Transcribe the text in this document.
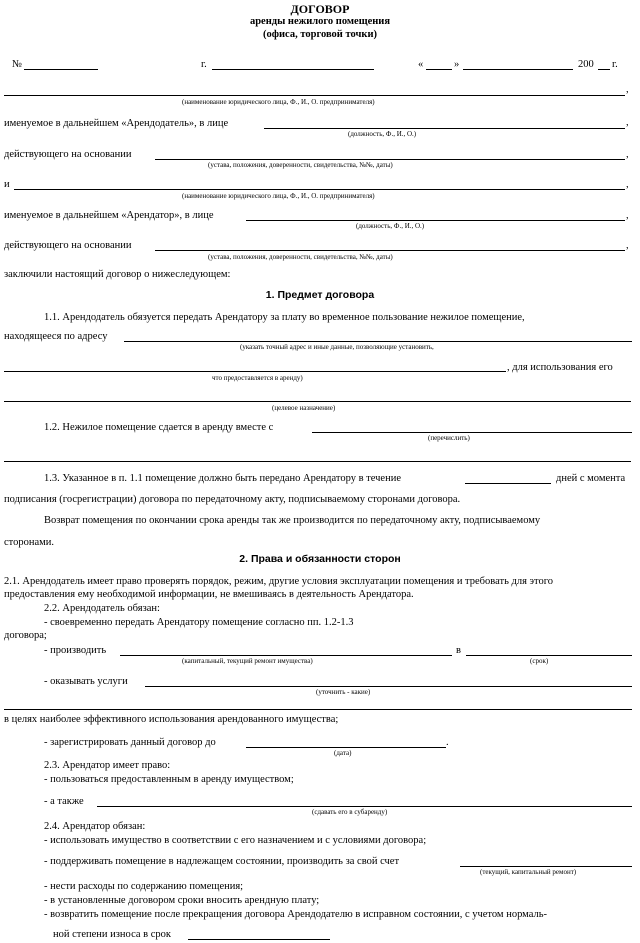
ДОГОВОР
аренды нежилого помещения
(офиса, торговой точки)
№	г.	«	»	200 г.
,
(наименование юридического лица, Ф., И., О. предпринимателя)
именуемое в дальнейшем «Арендодатель», в лице	,
(должность, Ф., И., О.)
действующего на основании	,
(устава, положения, доверенности, свидетельства, №№, даты)
и	,
(наименование юридического лица, Ф., И., О. предпринимателя)
именуемое в дальнейшем «Арендатор», в лице	,
(должность, Ф., И., О.)
действующего на основании	,
(устава, положения, доверенности, свидетельства, №№, даты)
заключили настоящий договор о нижеследующем:
1. Предмет договора
1.1. Арендодатель обязуется передать Арендатору за плату во временное пользование нежилое помещение,
находящееся по адресу
(указать точный адрес и иные данные, позволяющие установить,
, для использования его
что предоставляется в аренду)
(целевое назначение)
1.2. Нежилое помещение сдается в аренду вместе с
(перечислить)
1.3. Указанное в п. 1.1 помещение должно быть передано Арендатору в течение	дней с момента
подписания (госрегистрации) договора по передаточному акту, подписываемому сторонами договора.
Возврат помещения по окончании срока аренды так же производится по передаточному акту, подписываемому
сторонами.
2. Права и обязанности сторон
2.1. Арендодатель имеет право проверять порядок, режим, другие условия эксплуатации помещения и требовать для этого
предоставления ему необходимой информации, не вмешиваясь в деятельность Арендатора.
2.2. Арендодатель обязан:
- своевременно передать Арендатору помещение согласно пп. 1.2-1.3
договора;
- производить	в
(капитальный, текущий ремонт имущества)	(срок)
- оказывать услуги
(уточнить - какие)
в целях наиболее эффективного использования арендованного имущества;
- зарегистрировать данный договор до	.
(дата)
2.3. Арендатор имеет право:
- пользоваться предоставленным в аренду имуществом;
- а также
(сдавать его в субаренду)
2.4. Арендатор обязан:
- использовать имущество в соответствии с его назначением и с условиями договора;
- поддерживать помещение в надлежащем состоянии, производить за свой счет
(текущий, капитальный ремонт)
- нести расходы по содержанию помещения;
- в установленные договором сроки вносить арендную плату;
- возвратить помещение после прекращения договора Арендодателю в исправном состоянии, с учетом нормаль-
ной степени износа в срок
